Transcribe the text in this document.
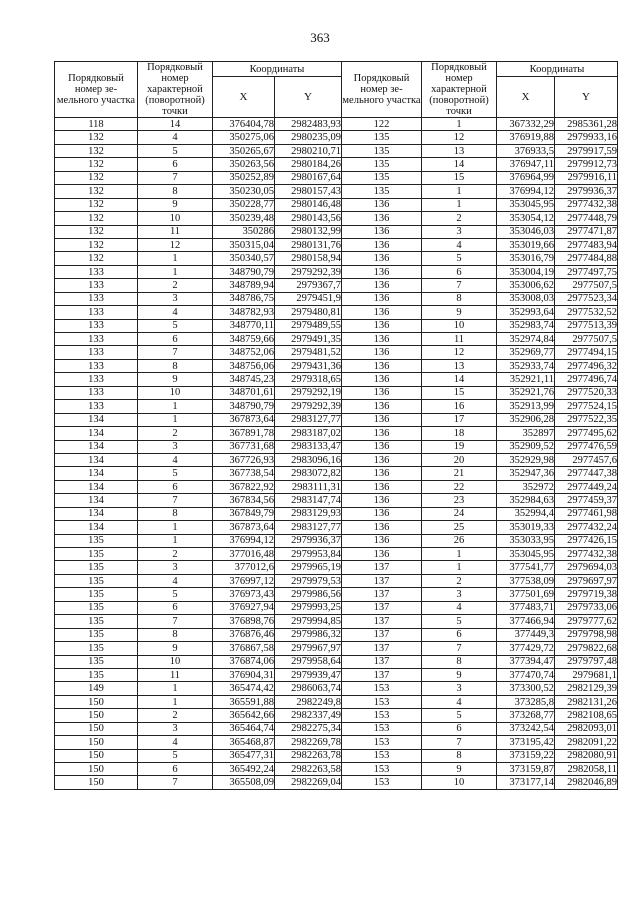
363
Порядковый номер зе-мельного участка	Порядковый номер характерной (поворотной) точки	Координаты		Порядковый номер зе-мельного участка	Порядковый номер характерной (поворотной) точки	Координаты	
		X	Y			X	Y
118	14	376404,78	2982483,93	122	1	367332,29	2985361,28
132	4	350275,06	2980235,09	135	12	376919,88	2979933,16
132	5	350265,67	2980210,71	135	13	376933,5	2979917,59
132	6	350263,56	2980184,26	135	14	376947,11	2979912,73
132	7	350252,89	2980167,64	135	15	376964,99	2979916,11
132	8	350230,05	2980157,43	135	1	376994,12	2979936,37
132	9	350228,77	2980146,48	136	1	353045,95	2977432,38
132	10	350239,48	2980143,56	136	2	353054,12	2977448,79
132	11	350286	2980132,99	136	3	353046,03	2977471,87
132	12	350315,04	2980131,76	136	4	353019,66	2977483,94
132	1	350340,57	2980158,94	136	5	353016,79	2977484,88
133	1	348790,79	2979292,39	136	6	353004,19	2977497,75
133	2	348789,94	2979367,7	136	7	353006,62	2977507,5
133	3	348786,75	2979451,9	136	8	353008,03	2977523,34
133	4	348782,93	2979480,81	136	9	352993,64	2977532,52
133	5	348770,11	2979489,55	136	10	352983,74	2977513,39
133	6	348759,66	2979491,35	136	11	352974,84	2977507,5
133	7	348752,06	2979481,52	136	12	352969,77	2977494,15
133	8	348756,06	2979431,36	136	13	352933,74	2977496,32
133	9	348745,23	2979318,65	136	14	352921,11	2977496,74
133	10	348701,61	2979292,19	136	15	352921,76	2977520,33
133	1	348790,79	2979292,39	136	16	352913,99	2977524,15
134	1	367873,64	2983127,77	136	17	352906,28	2977522,35
134	2	367891,78	2983187,02	136	18	352897	2977495,62
134	3	367731,68	2983133,47	136	19	352909,52	2977476,59
134	4	367726,93	2983096,16	136	20	352929,98	2977457,6
134	5	367738,54	2983072,82	136	21	352947,36	2977447,38
134	6	367822,92	2983111,31	136	22	352972	2977449,24
134	7	367834,56	2983147,74	136	23	352984,63	2977459,37
134	8	367849,79	2983129,93	136	24	352994,4	2977461,98
134	1	367873,64	2983127,77	136	25	353019,33	2977432,24
135	1	376994,12	2979936,37	136	26	353033,95	2977426,15
135	2	377016,48	2979953,84	136	1	353045,95	2977432,38
135	3	377012,6	2979965,19	137	1	377541,77	2979694,03
135	4	376997,12	2979979,53	137	2	377538,09	2979697,97
135	5	376973,43	2979986,56	137	3	377501,69	2979719,38
135	6	376927,94	2979993,25	137	4	377483,71	2979733,06
135	7	376898,76	2979994,85	137	5	377466,94	2979777,62
135	8	376876,46	2979986,32	137	6	377449,3	2979798,98
135	9	376867,58	2979967,97	137	7	377429,72	2979822,68
135	10	376874,06	2979958,64	137	8	377394,47	2979797,48
135	11	376904,31	2979939,47	137	9	377470,74	2979681,1
149	1	365474,42	2986063,74	153	3	373300,52	2982129,39
150	1	365591,88	2982249,8	153	4	373285,8	2982131,26
150	2	365642,66	2982337,49	153	5	373268,77	2982108,65
150	3	365464,74	2982275,34	153	6	373242,54	2982093,01
150	4	365468,87	2982269,78	153	7	373195,42	2982091,22
150	5	365477,31	2982263,78	153	8	373159,22	2982080,91
150	6	365492,24	2982263,58	153	9	373159,87	2982058,11
150	7	365508,09	2982269,04	153	10	373177,14	2982046,89
